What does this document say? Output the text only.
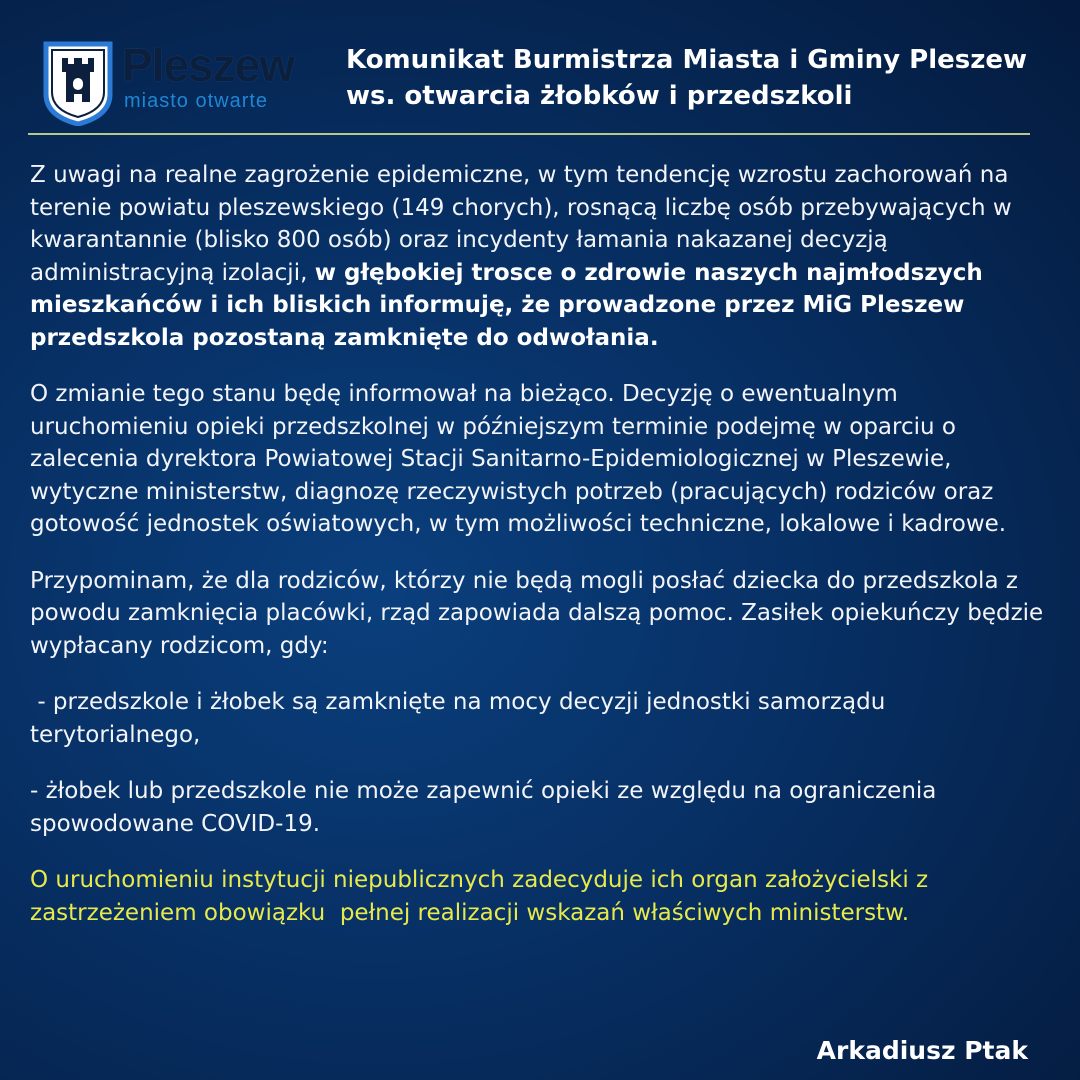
Pleszew
miasto otwarte
Komunikat Burmistrza Miasta i Gminy Pleszew
ws. otwarcia żłobków i przedszkoli

Z uwagi na realne zagrożenie epidemiczne, w tym tendencję wzrostu zachorowań na terenie powiatu pleszewskiego (149 chorych), rosnącą liczbę osób przebywających w kwarantannie (blisko 800 osób) oraz incydenty łamania nakazanej decyzją administracyjną izolacji, w głębokiej trosce o zdrowie naszych najmłodszych mieszkańców i ich bliskich informuję, że prowadzone przez MiG Pleszew przedszkola pozostaną zamknięte do odwołania.

O zmianie tego stanu będę informował na bieżąco. Decyzję o ewentualnym uruchomieniu opieki przedszkolnej w późniejszym terminie podejmę w oparciu o zalecenia dyrektora Powiatowej Stacji Sanitarno-Epidemiologicznej w Pleszewie, wytyczne ministerstw, diagnozę rzeczywistych potrzeb (pracujących) rodziców oraz gotowość jednostek oświatowych, w tym możliwości techniczne, lokalowe i kadrowe.

Przypominam, że dla rodziców, którzy nie będą mogli posłać dziecka do przedszkola z powodu zamknięcia placówki, rząd zapowiada dalszą pomoc. Zasiłek opiekuńczy będzie wypłacany rodzicom, gdy:

- przedszkole i żłobek są zamknięte na mocy decyzji jednostki samorządu terytorialnego,

- żłobek lub przedszkole nie może zapewnić opieki ze względu na ograniczenia spowodowane COVID-19.

O uruchomieniu instytucji niepublicznych zadecyduje ich organ założycielski z zastrzeżeniem obowiązku  pełnej realizacji wskazań właściwych ministerstw.

Arkadiusz Ptak
